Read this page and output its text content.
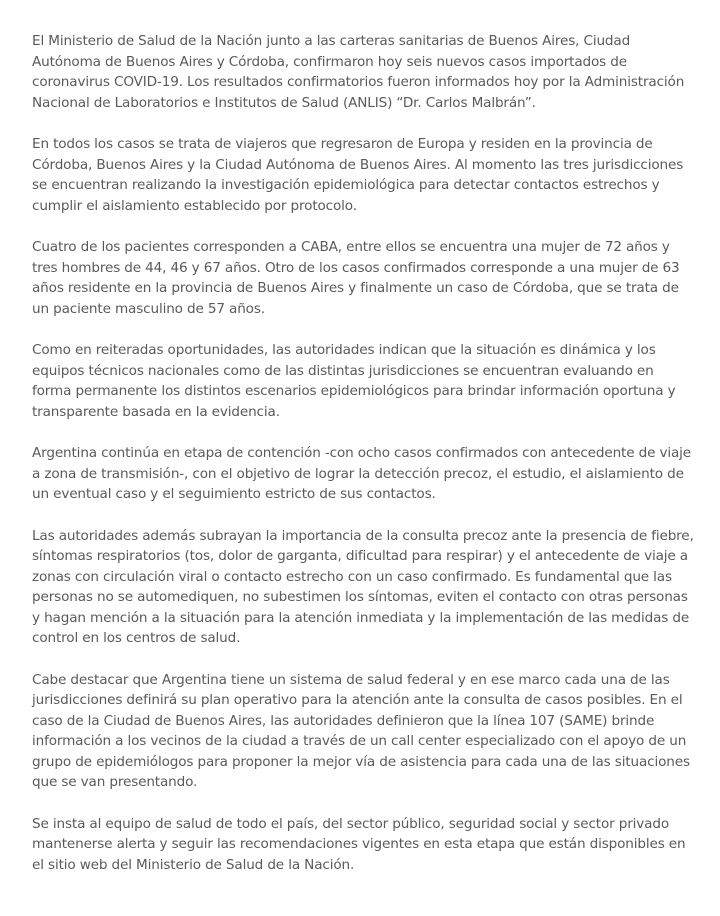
El Ministerio de Salud de la Nación junto a las carteras sanitarias de Buenos Aires, Ciudad Autónoma de Buenos Aires y Córdoba, confirmaron hoy seis nuevos casos importados de coronavirus COVID-19. Los resultados confirmatorios fueron informados hoy por la Administración Nacional de Laboratorios e Institutos de Salud (ANLIS) “Dr. Carlos Malbrán”.

En todos los casos se trata de viajeros que regresaron de Europa y residen en la provincia de Córdoba, Buenos Aires y la Ciudad Autónoma de Buenos Aires. Al momento las tres jurisdicciones se encuentran realizando la investigación epidemiológica para detectar contactos estrechos y cumplir el aislamiento establecido por protocolo.

Cuatro de los pacientes corresponden a CABA, entre ellos se encuentra una mujer de 72 años y tres hombres de 44, 46 y 67 años. Otro de los casos confirmados corresponde a una mujer de 63 años residente en la provincia de Buenos Aires y finalmente un caso de Córdoba, que se trata de un paciente masculino de 57 años.

Como en reiteradas oportunidades, las autoridades indican que la situación es dinámica y los equipos técnicos nacionales como de las distintas jurisdicciones se encuentran evaluando en forma permanente los distintos escenarios epidemiológicos para brindar información oportuna y transparente basada en la evidencia.

Argentina continúa en etapa de contención -con ocho casos confirmados con antecedente de viaje a zona de transmisión-, con el objetivo de lograr la detección precoz, el estudio, el aislamiento de un eventual caso y el seguimiento estricto de sus contactos.

Las autoridades además subrayan la importancia de la consulta precoz ante la presencia de fiebre, síntomas respiratorios (tos, dolor de garganta, dificultad para respirar) y el antecedente de viaje a zonas con circulación viral o contacto estrecho con un caso confirmado. Es fundamental que las personas no se automediquen, no subestimen los síntomas, eviten el contacto con otras personas y hagan mención a la situación para la atención inmediata y la implementación de las medidas de control en los centros de salud.

Cabe destacar que Argentina tiene un sistema de salud federal y en ese marco cada una de las jurisdicciones definirá su plan operativo para la atención ante la consulta de casos posibles. En el caso de la Ciudad de Buenos Aires, las autoridades definieron que la línea 107 (SAME) brinde información a los vecinos de la ciudad a través de un call center especializado con el apoyo de un grupo de epidemiólogos para proponer la mejor vía de asistencia para cada una de las situaciones que se van presentando.

Se insta al equipo de salud de todo el país, del sector público, seguridad social y sector privado mantenerse alerta y seguir las recomendaciones vigentes en esta etapa que están disponibles en el sitio web del Ministerio de Salud de la Nación.
